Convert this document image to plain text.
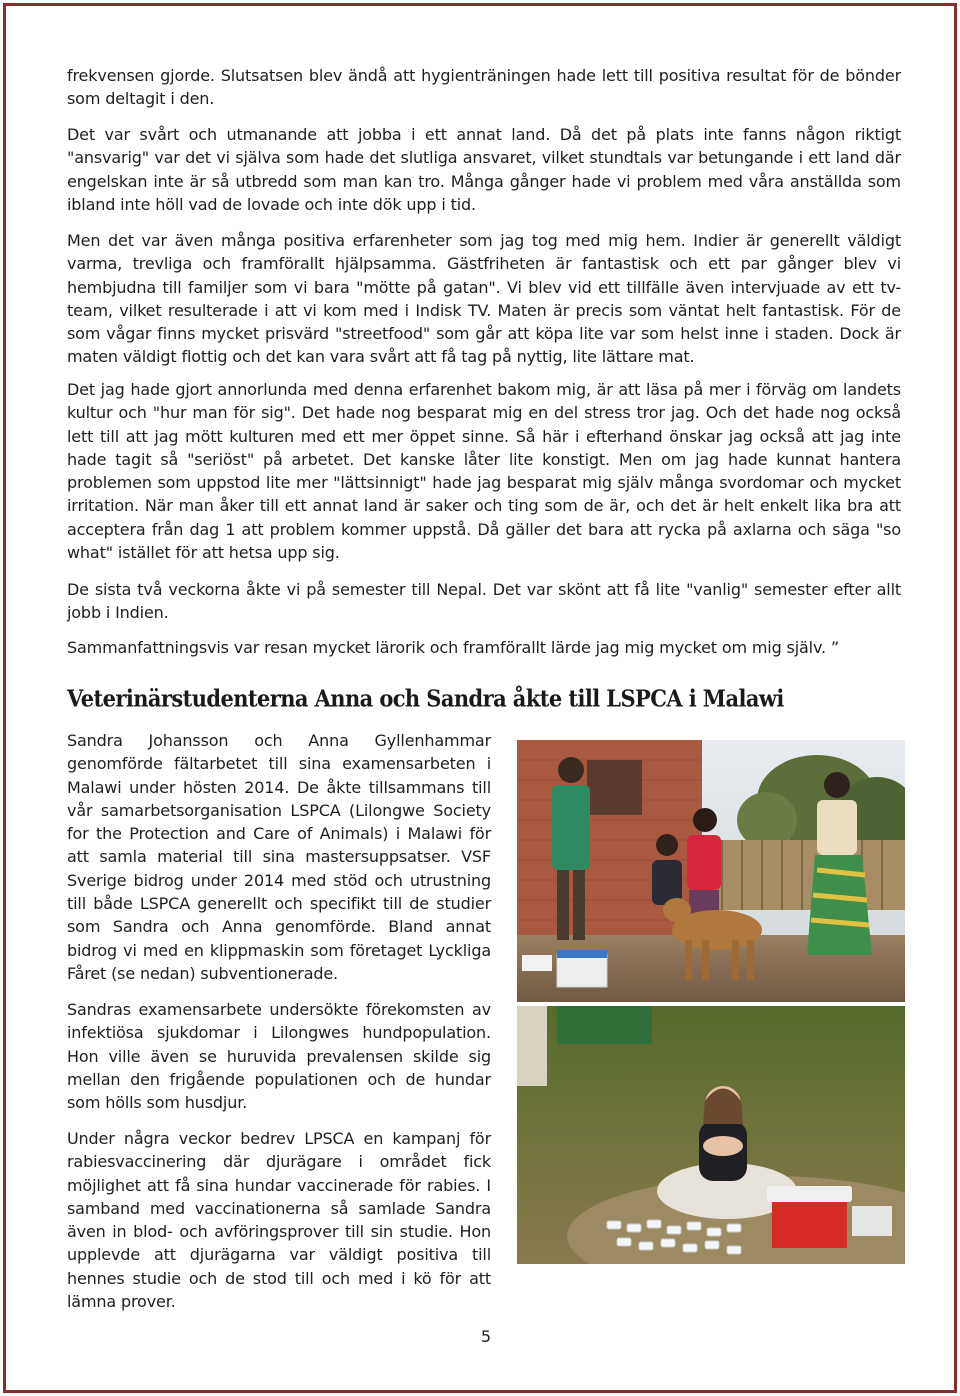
frekvensen gjorde. Slutsatsen blev ändå att hygienträningen hade lett till positiva resultat för de bönder som deltagit i den.

Det var svårt och utmanande att jobba i ett annat land. Då det på plats inte fanns någon riktigt "ansvarig" var det vi själva som hade det slutliga ansvaret, vilket stundtals var betungande i ett land där engelskan inte är så utbredd som man kan tro. Många gånger hade vi problem med våra anställda som ibland inte höll vad de lovade och inte dök upp i tid.

Men det var även många positiva erfarenheter som jag tog med mig hem. Indier är generellt väldigt varma, trevliga och framförallt hjälpsamma. Gästfriheten är fantastisk och ett par gånger blev vi hembjudna till familjer som vi bara "mötte på gatan". Vi blev vid ett tillfälle även intervjuade av ett tv-team, vilket resulterade i att vi kom med i Indisk TV. Maten är precis som väntat helt fantastisk. För de som vågar finns mycket prisvärd "streetfood" som går att köpa lite var som helst inne i staden. Dock är maten väldigt flottig och det kan vara svårt att få tag på nyttig, lite lättare mat.

Det jag hade gjort annorlunda med denna erfarenhet bakom mig, är att läsa på mer i förväg om landets kultur och "hur man för sig". Det hade nog besparat mig en del stress tror jag. Och det hade nog också lett till att jag mött kulturen med ett mer öppet sinne. Så här i efterhand önskar jag också att jag inte hade tagit så "seriöst" på arbetet. Det kanske låter lite konstigt. Men om jag hade kunnat hantera problemen som uppstod lite mer "lättsinnigt" hade jag besparat mig själv många svordomar och mycket irritation. När man åker till ett annat land är saker och ting som de är, och det är helt enkelt lika bra att acceptera från dag 1 att problem kommer uppstå. Då gäller det bara att rycka på axlarna och säga "so what" istället för att hetsa upp sig.

De sista två veckorna åkte vi på semester till Nepal. Det var skönt att få lite "vanlig" semester efter allt jobb i Indien.

Sammanfattningsvis var resan mycket lärorik och framförallt lärde jag mig mycket om mig själv. ”

Veterinärstudenterna Anna och Sandra åkte till LSPCA i Malawi

Sandra Johansson och Anna Gyllenhammar genomförde fältarbetet till sina examensarbeten i Malawi under hösten 2014. De åkte tillsammans till vår samarbetsorganisation LSPCA (Lilongwe Society for the Protection and Care of Animals) i Malawi för att samla material till sina mastersuppsatser. VSF Sverige bidrog under 2014 med stöd och utrustning till både LSPCA generellt och specifikt till de studier som Sandra och Anna genomförde. Bland annat bidrog vi med en klippmaskin som företaget Lyckliga Fåret (se nedan) subventionerade.

Sandras examensarbete undersökte förekomsten av infektiösa sjukdomar i Lilongwes hundpopulation. Hon ville även se huruvida prevalensen skilde sig mellan den frigående populationen och de hundar som hölls som husdjur.

Under några veckor bedrev LPSCA en kampanj för rabiesvaccinering där djurägare i området fick möjlighet att få sina hundar vaccinerade för rabies. I samband med vaccinationerna så samlade Sandra även in blod- och avföringsprover till sin studie. Hon upplevde att djurägarna var väldigt positiva till hennes studie och de stod till och med i kö för att lämna prover.

5
